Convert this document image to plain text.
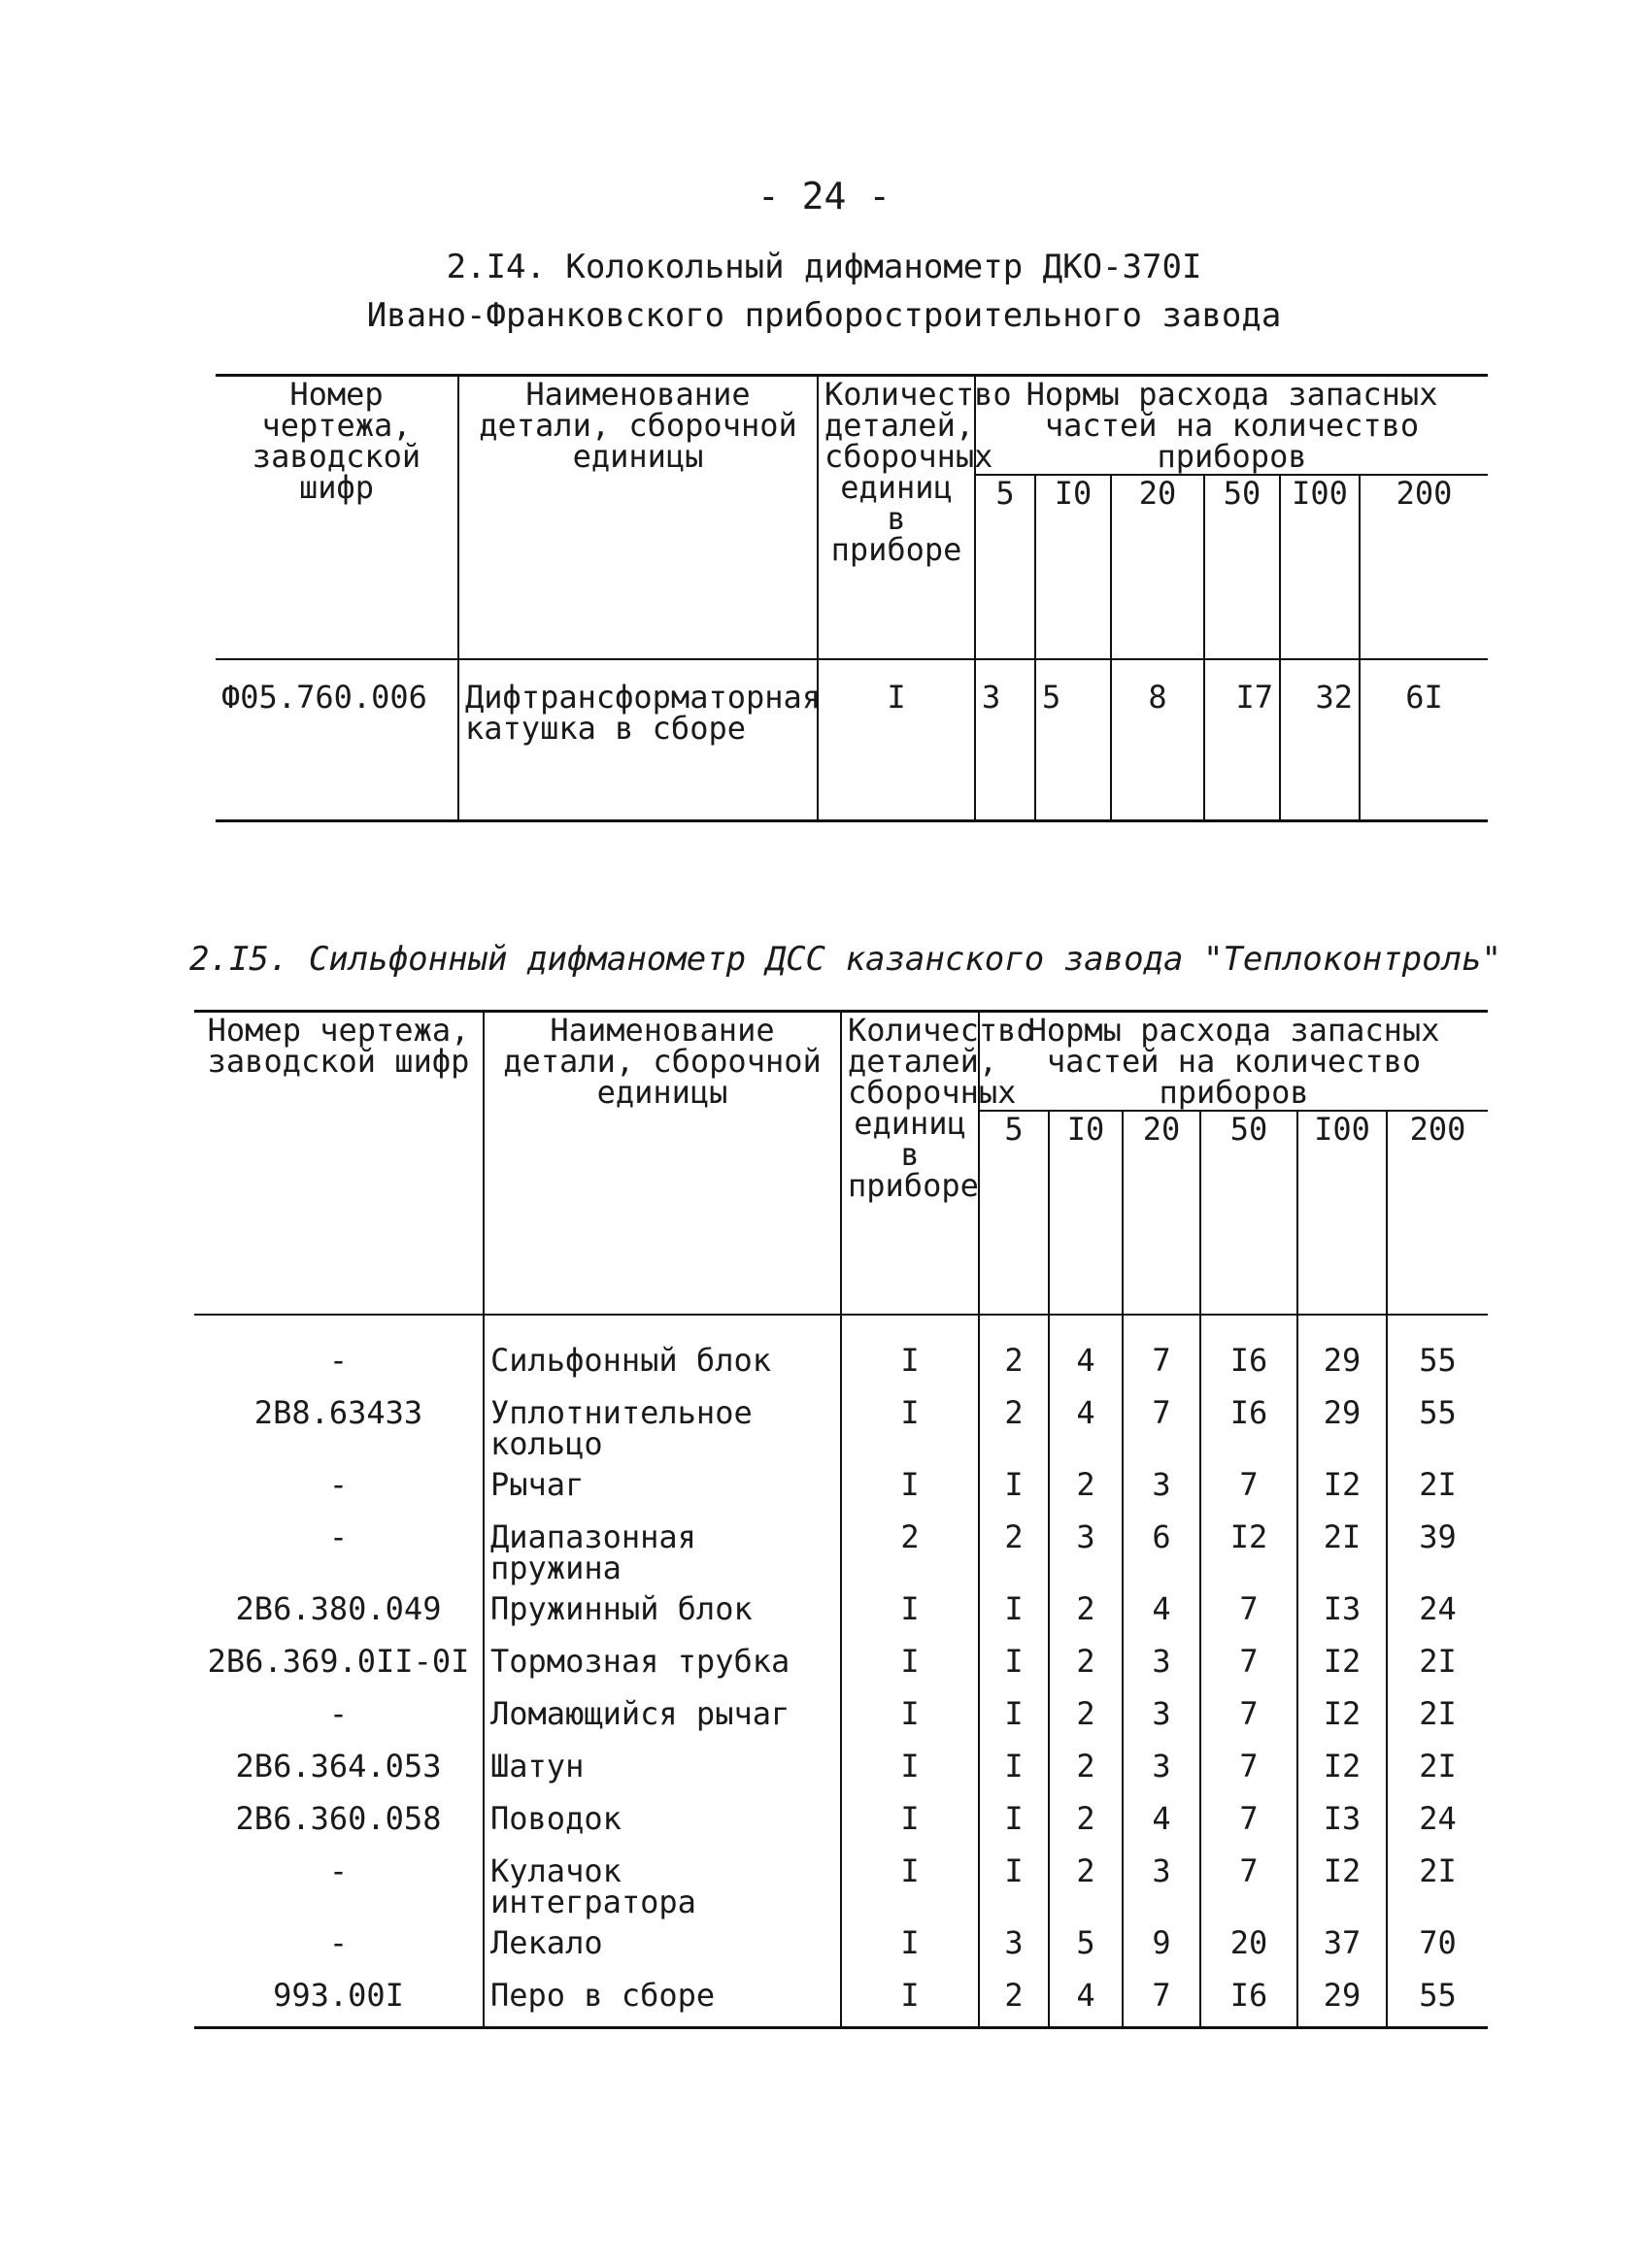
- 24 -
2.I4. Колокольный дифманометр ДКО-370I
Ивано-Франковского приборостроительного завода
Номер чертежа, заводской шифр	Наименование детали, сборочной единицы	Количество деталей, сборочных единиц в приборе	Нормы расхода запасных частей на количество приборов					
			5	I0	20	50	I00	200
Ф05.760.006	Дифтрансформаторная катушка в сборе	I	3	5	8	I7	32	6I
2.I5. Сильфонный дифманометр ДСС казанского завода "Теплоконтроль"
Номер чертежа, заводской шифр	Наименование детали, сборочной единицы	Количество деталей, сборочных единиц в приборе	Нормы расхода запасных частей на количество приборов					
			5	I0	20	50	I00	200
-	Сильфонный блок	I	2	4	7	I6	29	55
2В8.63433	Уплотнительное кольцо	I	2	4	7	I6	29	55
-	Рычаг	I	I	2	3	7	I2	2I
-	Диапазонная пружина	2	2	3	6	I2	2I	39
2В6.380.049	Пружинный блок	I	I	2	4	7	I3	24
2В6.369.0II-0I	Тормозная трубка	I	I	2	3	7	I2	2I
-	Ломающийся рычаг	I	I	2	3	7	I2	2I
2В6.364.053	Шатун	I	I	2	3	7	I2	2I
2В6.360.058	Поводок	I	I	2	4	7	I3	24
-	Кулачок интегратора	I	I	2	3	7	I2	2I
-	Лекало	I	3	5	9	20	37	70
993.00I	Перо в сборе	I	2	4	7	I6	29	55
